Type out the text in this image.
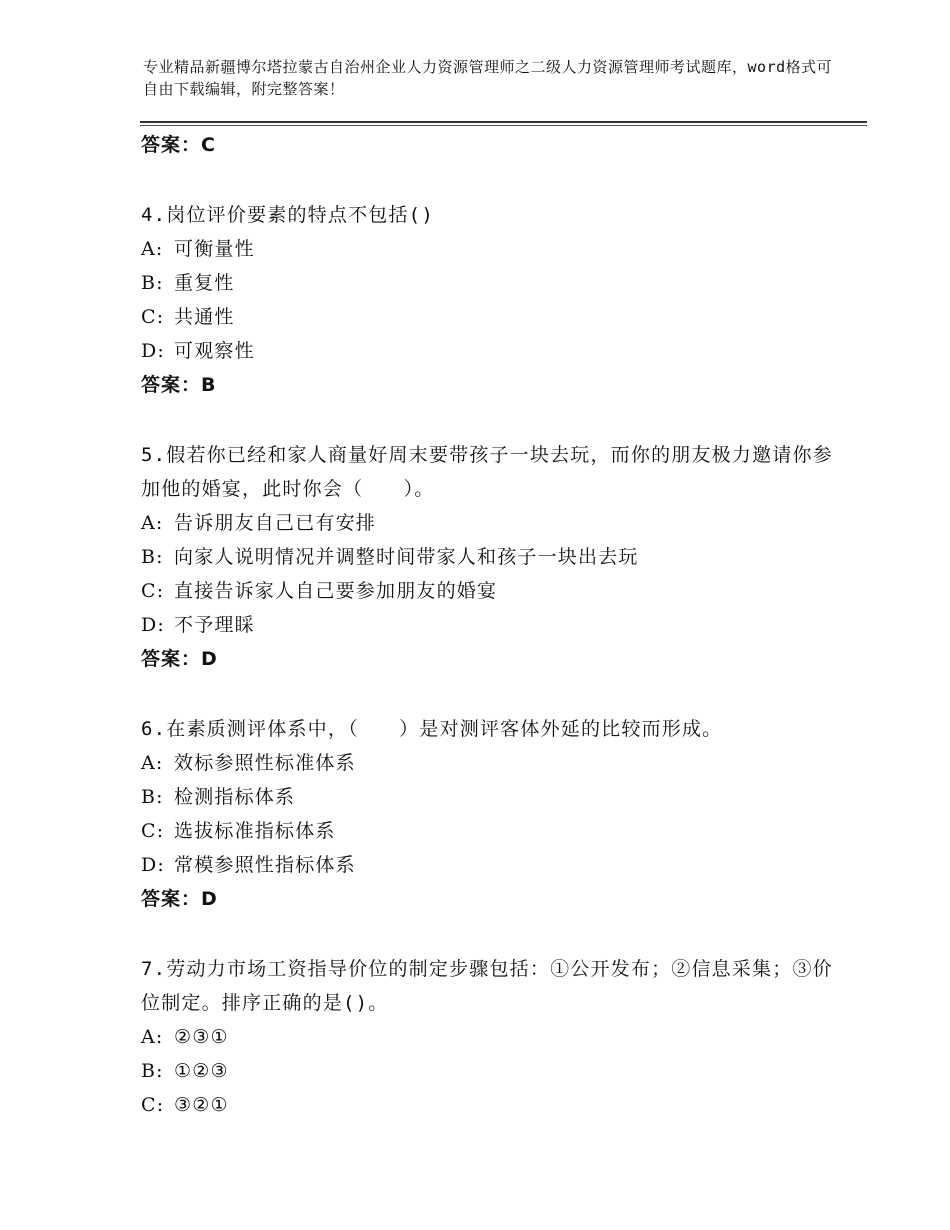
专业精品新疆博尔塔拉蒙古自治州企业人力资源管理师之二级人力资源管理师考试题库，word格式可自由下载编辑，附完整答案！
答案：C
4.岗位评价要素的特点不包括()
A: 可衡量性
B: 重复性
C: 共通性
D: 可观察性
答案：B
5.假若你已经和家人商量好周末要带孩子一块去玩，而你的朋友极力邀请你参加他的婚宴，此时你会（　　）。
A: 告诉朋友自己已有安排
B: 向家人说明情况并调整时间带家人和孩子一块出去玩
C: 直接告诉家人自己要参加朋友的婚宴
D: 不予理睬
答案：D
6.在素质测评体系中，（　　）是对测评客体外延的比较而形成。
A: 效标参照性标准体系
B: 检测指标体系
C: 选拔标准指标体系
D: 常模参照性指标体系
答案：D
7.劳动力市场工资指导价位的制定步骤包括：①公开发布；②信息采集；③价位制定。排序正确的是()。
A: ②③①
B: ①②③
C: ③②①
